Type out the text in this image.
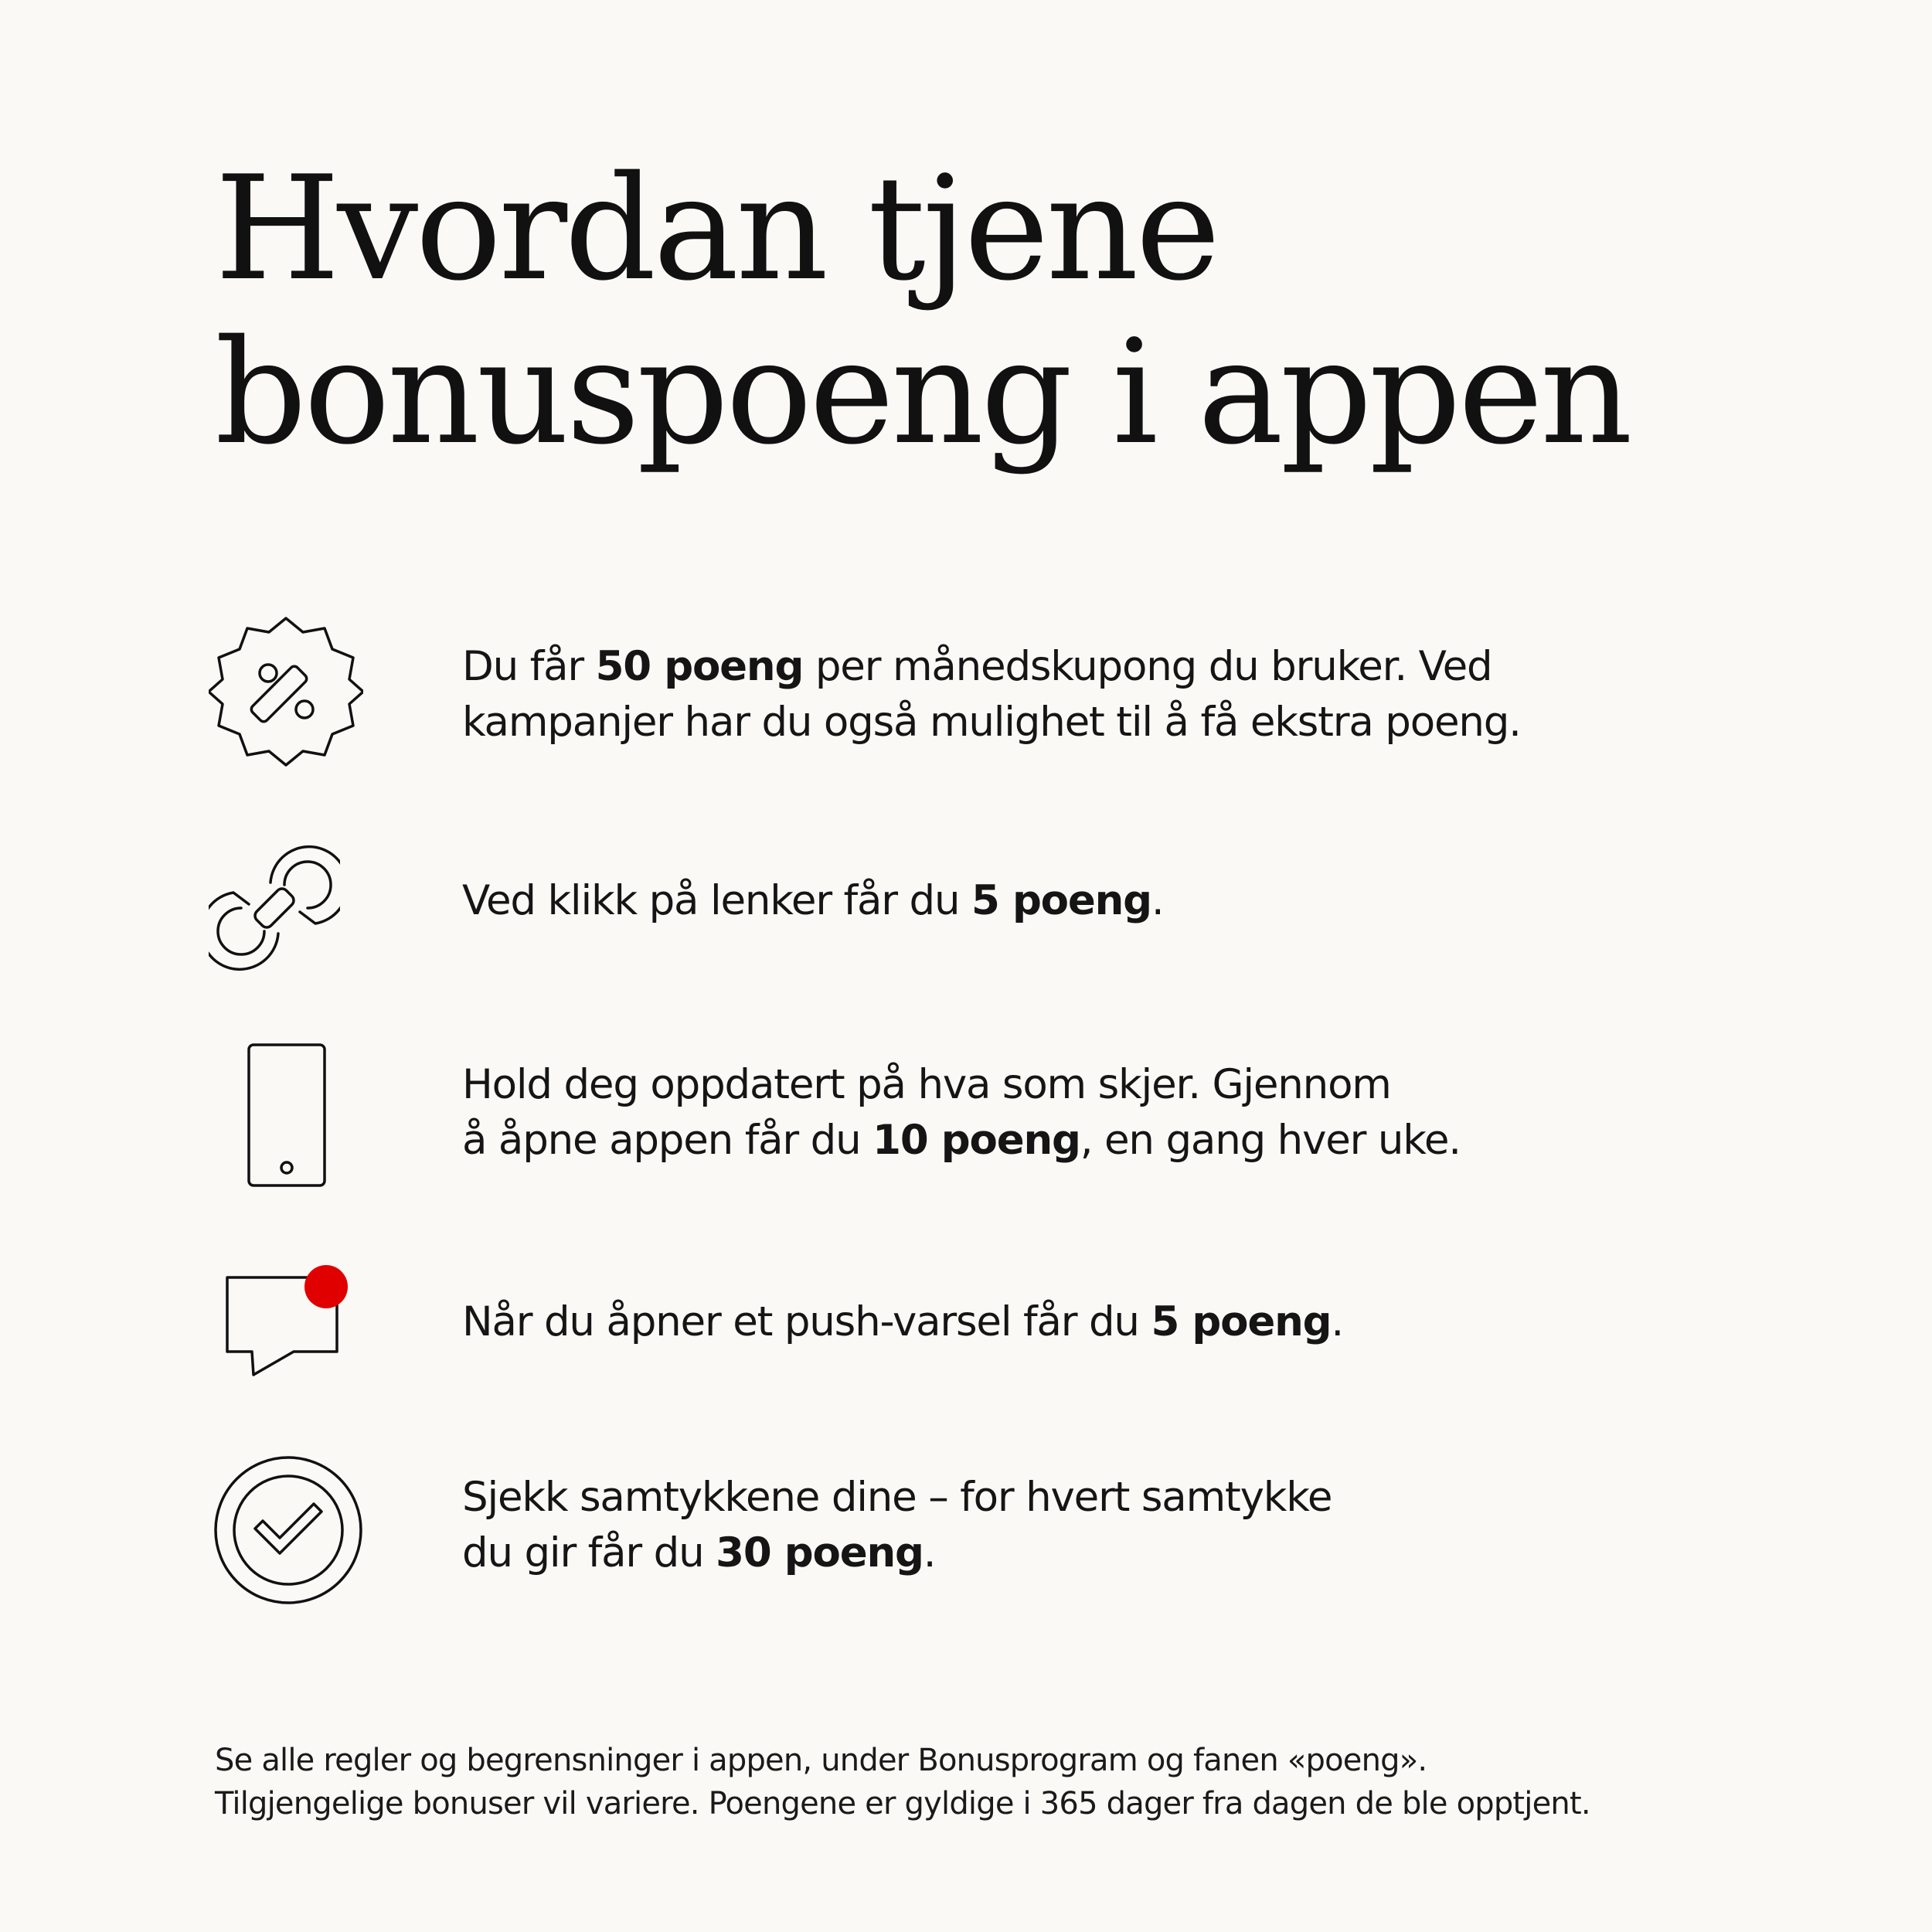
Hvordan tjene
bonuspoeng i appen

Du får 50 poeng per månedskupong du bruker. Ved
kampanjer har du også mulighet til å få ekstra poeng.

Ved klikk på lenker får du 5 poeng.

Hold deg oppdatert på hva som skjer. Gjennom
å åpne appen får du 10 poeng, en gang hver uke.

Når du åpner et push-varsel får du 5 poeng.

Sjekk samtykkene dine – for hvert samtykke
du gir får du 30 poeng.

Se alle regler og begrensninger i appen, under Bonusprogram og fanen «poeng».
Tilgjengelige bonuser vil variere. Poengene er gyldige i 365 dager fra dagen de ble opptjent.
